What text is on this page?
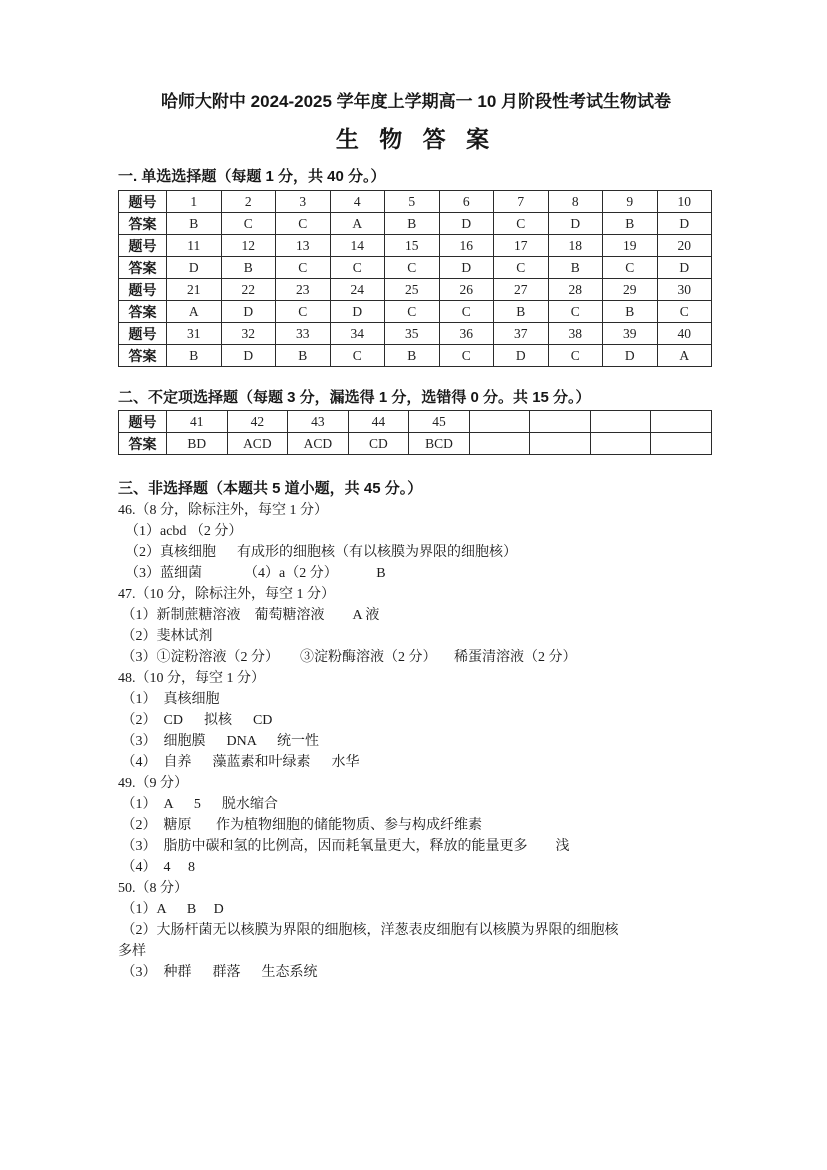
哈师大附中 2024-2025 学年度上学期高一 10 月阶段性考试生物试卷
生 物 答 案
一. 单选选择题（每题 1 分，共 40 分。）
题号	1	2	3	4	5	6	7	8	9	10
答案	B	C	C	A	B	D	C	D	B	D
题号	11	12	13	14	15	16	17	18	19	20
答案	D	B	C	C	C	D	C	B	C	D
题号	21	22	23	24	25	26	27	28	29	30
答案	A	D	C	D	C	C	B	C	B	C
题号	31	32	33	34	35	36	37	38	39	40
答案	B	D	B	C	B	C	D	C	D	A
二、不定项选择题（每题 3 分，漏选得 1 分，选错得 0 分。共 15 分。）
题号	41	42	43	44	45				
答案	BD	ACD	ACD	CD	BCD				
三、非选择题（本题共 5 道小题，共 45 分。）
46.（8 分，除标注外，每空 1 分）
（1）acbd （2 分）
（2）真核细胞      有成形的细胞核（有以核膜为界限的细胞核）
（3）蓝细菌            （4）a（2 分）           B
47.（10 分，除标注外，每空 1 分）
（1）新制蔗糖溶液    葡萄糖溶液        A 液
（2）斐林试剂
（3）①淀粉溶液（2 分）      ③淀粉酶溶液（2 分）     稀蛋清溶液（2 分）
48.（10 分，每空 1 分）
（1）  真核细胞
（2）  CD      拟核      CD
（3）  细胞膜      DNA      统一性
（4）  自养      藻蓝素和叶绿素      水华
49.（9 分）
（1）  A      5      脱水缩合
（2）  糖原       作为植物细胞的储能物质、参与构成纤维素
（3）  脂肪中碳和氢的比例高，因而耗氧量更大，释放的能量更多        浅
（4）  4     8
50.（8 分）
（1）A      B     D
（2）大肠杆菌无以核膜为界限的细胞核，洋葱表皮细胞有以核膜为界限的细胞核
多样
（3）  种群      群落      生态系统
